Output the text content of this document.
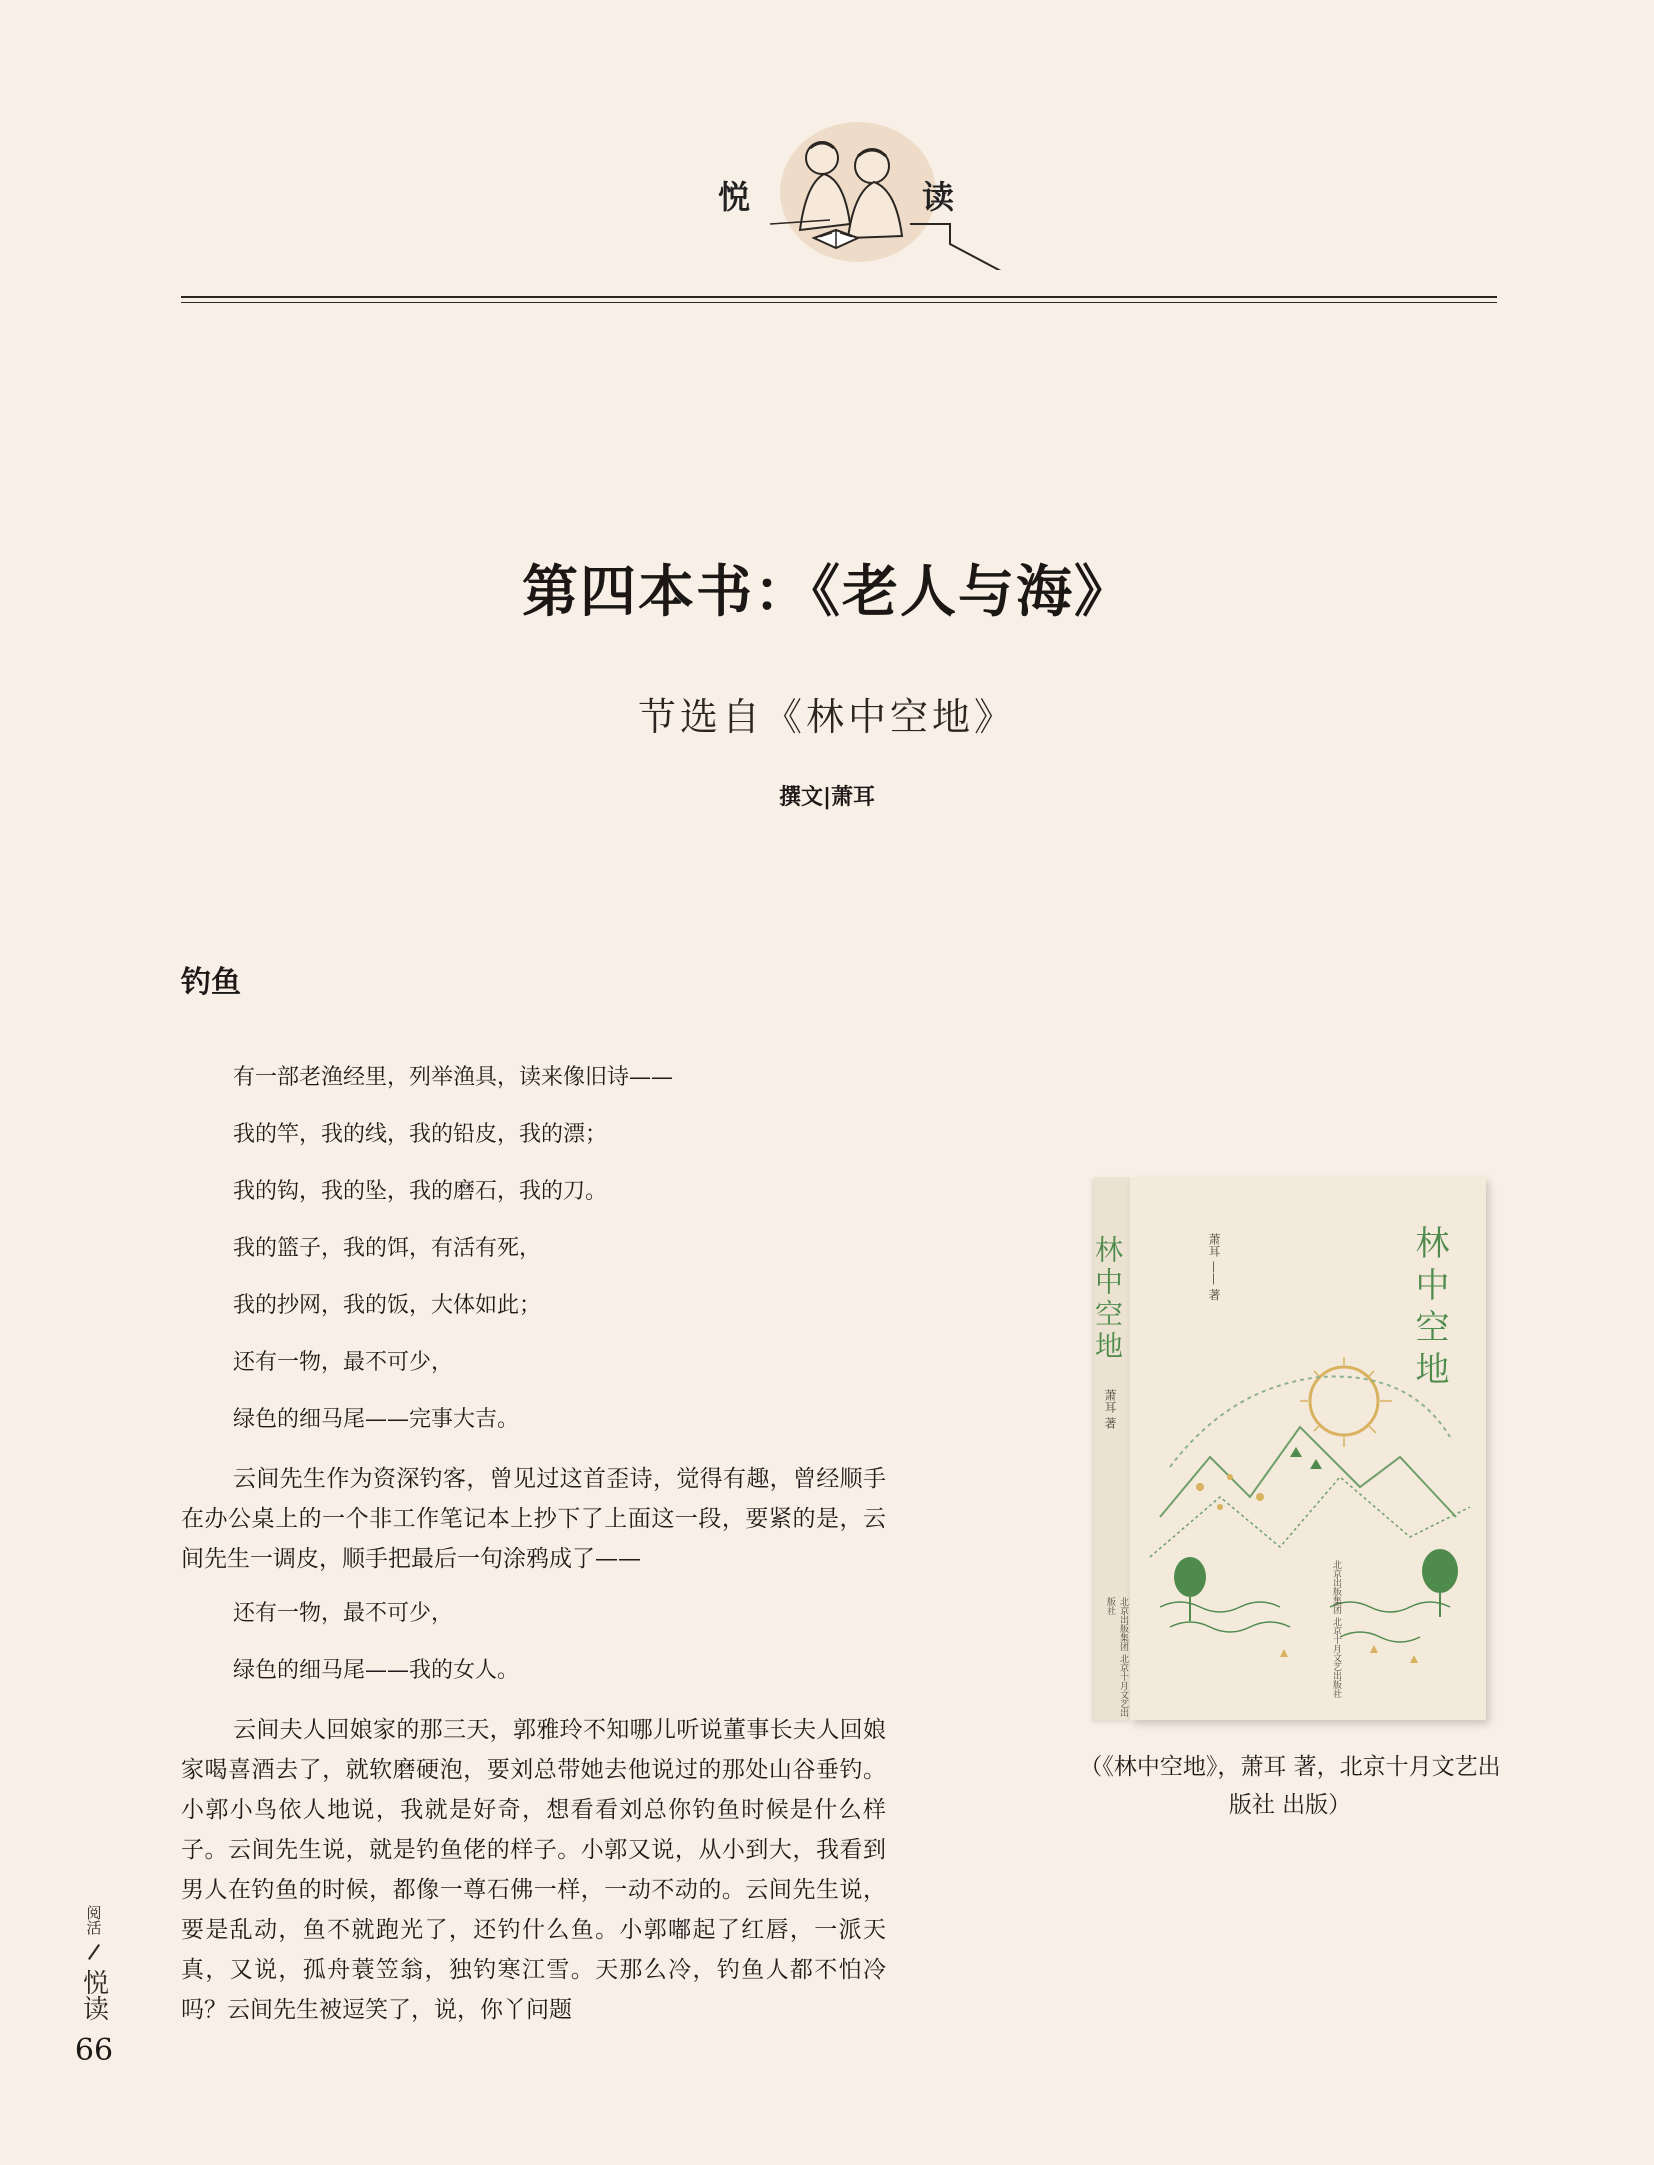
悦	读
第四本书：《老人与海》
节选自《林中空地》
撰文|萧耳
钓鱼

有一部老渔经里，列举渔具，读来像旧诗——

我的竿，我的线，我的铅皮，我的漂；

我的钩，我的坠，我的磨石，我的刀。

我的篮子，我的饵，有活有死，

我的抄网，我的饭，大体如此；

还有一物，最不可少，

绿色的细马尾——完事大吉。

云间先生作为资深钓客，曾见过这首歪诗，觉得有趣，曾经顺手在办公桌上的一个非工作笔记本上抄下了上面这一段，要紧的是，云间先生一调皮，顺手把最后一句涂鸦成了——

还有一物，最不可少，

绿色的细马尾——我的女人。

云间夫人回娘家的那三天，郭雅玲不知哪儿听说董事长夫人回娘家喝喜酒去了，就软磨硬泡，要刘总带她去他说过的那处山谷垂钓。小郭小鸟依人地说，我就是好奇，想看看刘总你钓鱼时候是什么样子。云间先生说，就是钓鱼佬的样子。小郭又说，从小到大，我看到男人在钓鱼的时候，都像一尊石佛一样，一动不动的。云间先生说，要是乱动，鱼不就跑光了，还钓什么鱼。小郭嘟起了红唇，一派天真，又说，孤舟蓑笠翁，独钓寒江雪。天那么冷，钓鱼人都不怕冷吗？云间先生被逗笑了，说，你丫问题

林中空地
萧耳 著
北京出版集团 北京十月文艺出版社
萧耳 —— 著	林中空地
北京出版集团 北京十月文艺出版社
（《林中空地》，萧耳 著，北京十月文艺出版社 出版）
阅活
悦读
66
